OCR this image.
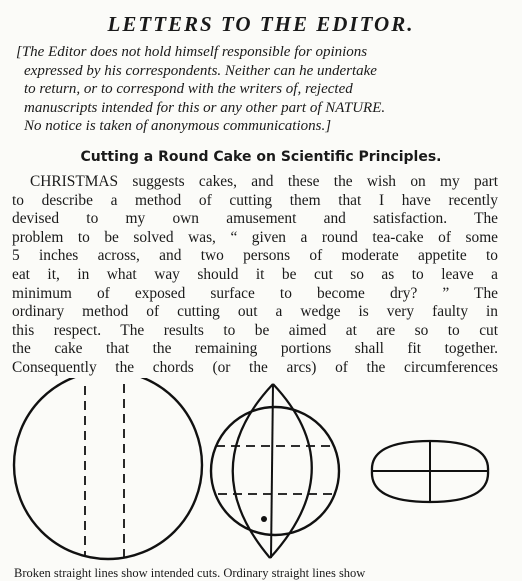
LETTERS TO THE EDITOR.
[The Editor does not hold himself responsible for opinions
expressed by his correspondents. Neither can he undertake
to return, or to correspond with the writers of, rejected
manuscripts intended for this or any other part of NATURE.
No notice is taken of anonymous communications.]
Cutting a Round Cake on Scientific Principles.
CHRISTMAS suggests cakes, and these the wish on my part
to describe a method of cutting them that I have recently
devised to my own amusement and satisfaction. The
problem to be solved was, “ given a round tea-cake of some
5 inches across, and two persons of moderate appetite to
eat it, in what way should it be cut so as to leave a
minimum of exposed surface to become dry? ” The
ordinary method of cutting out a wedge is very faulty in
this respect. The results to be aimed at are so to cut
the cake that the remaining portions shall fit together.
Consequently the chords (or the arcs) of the circumferences

Broken straight lines show intended cuts. Ordinary straight lines show
